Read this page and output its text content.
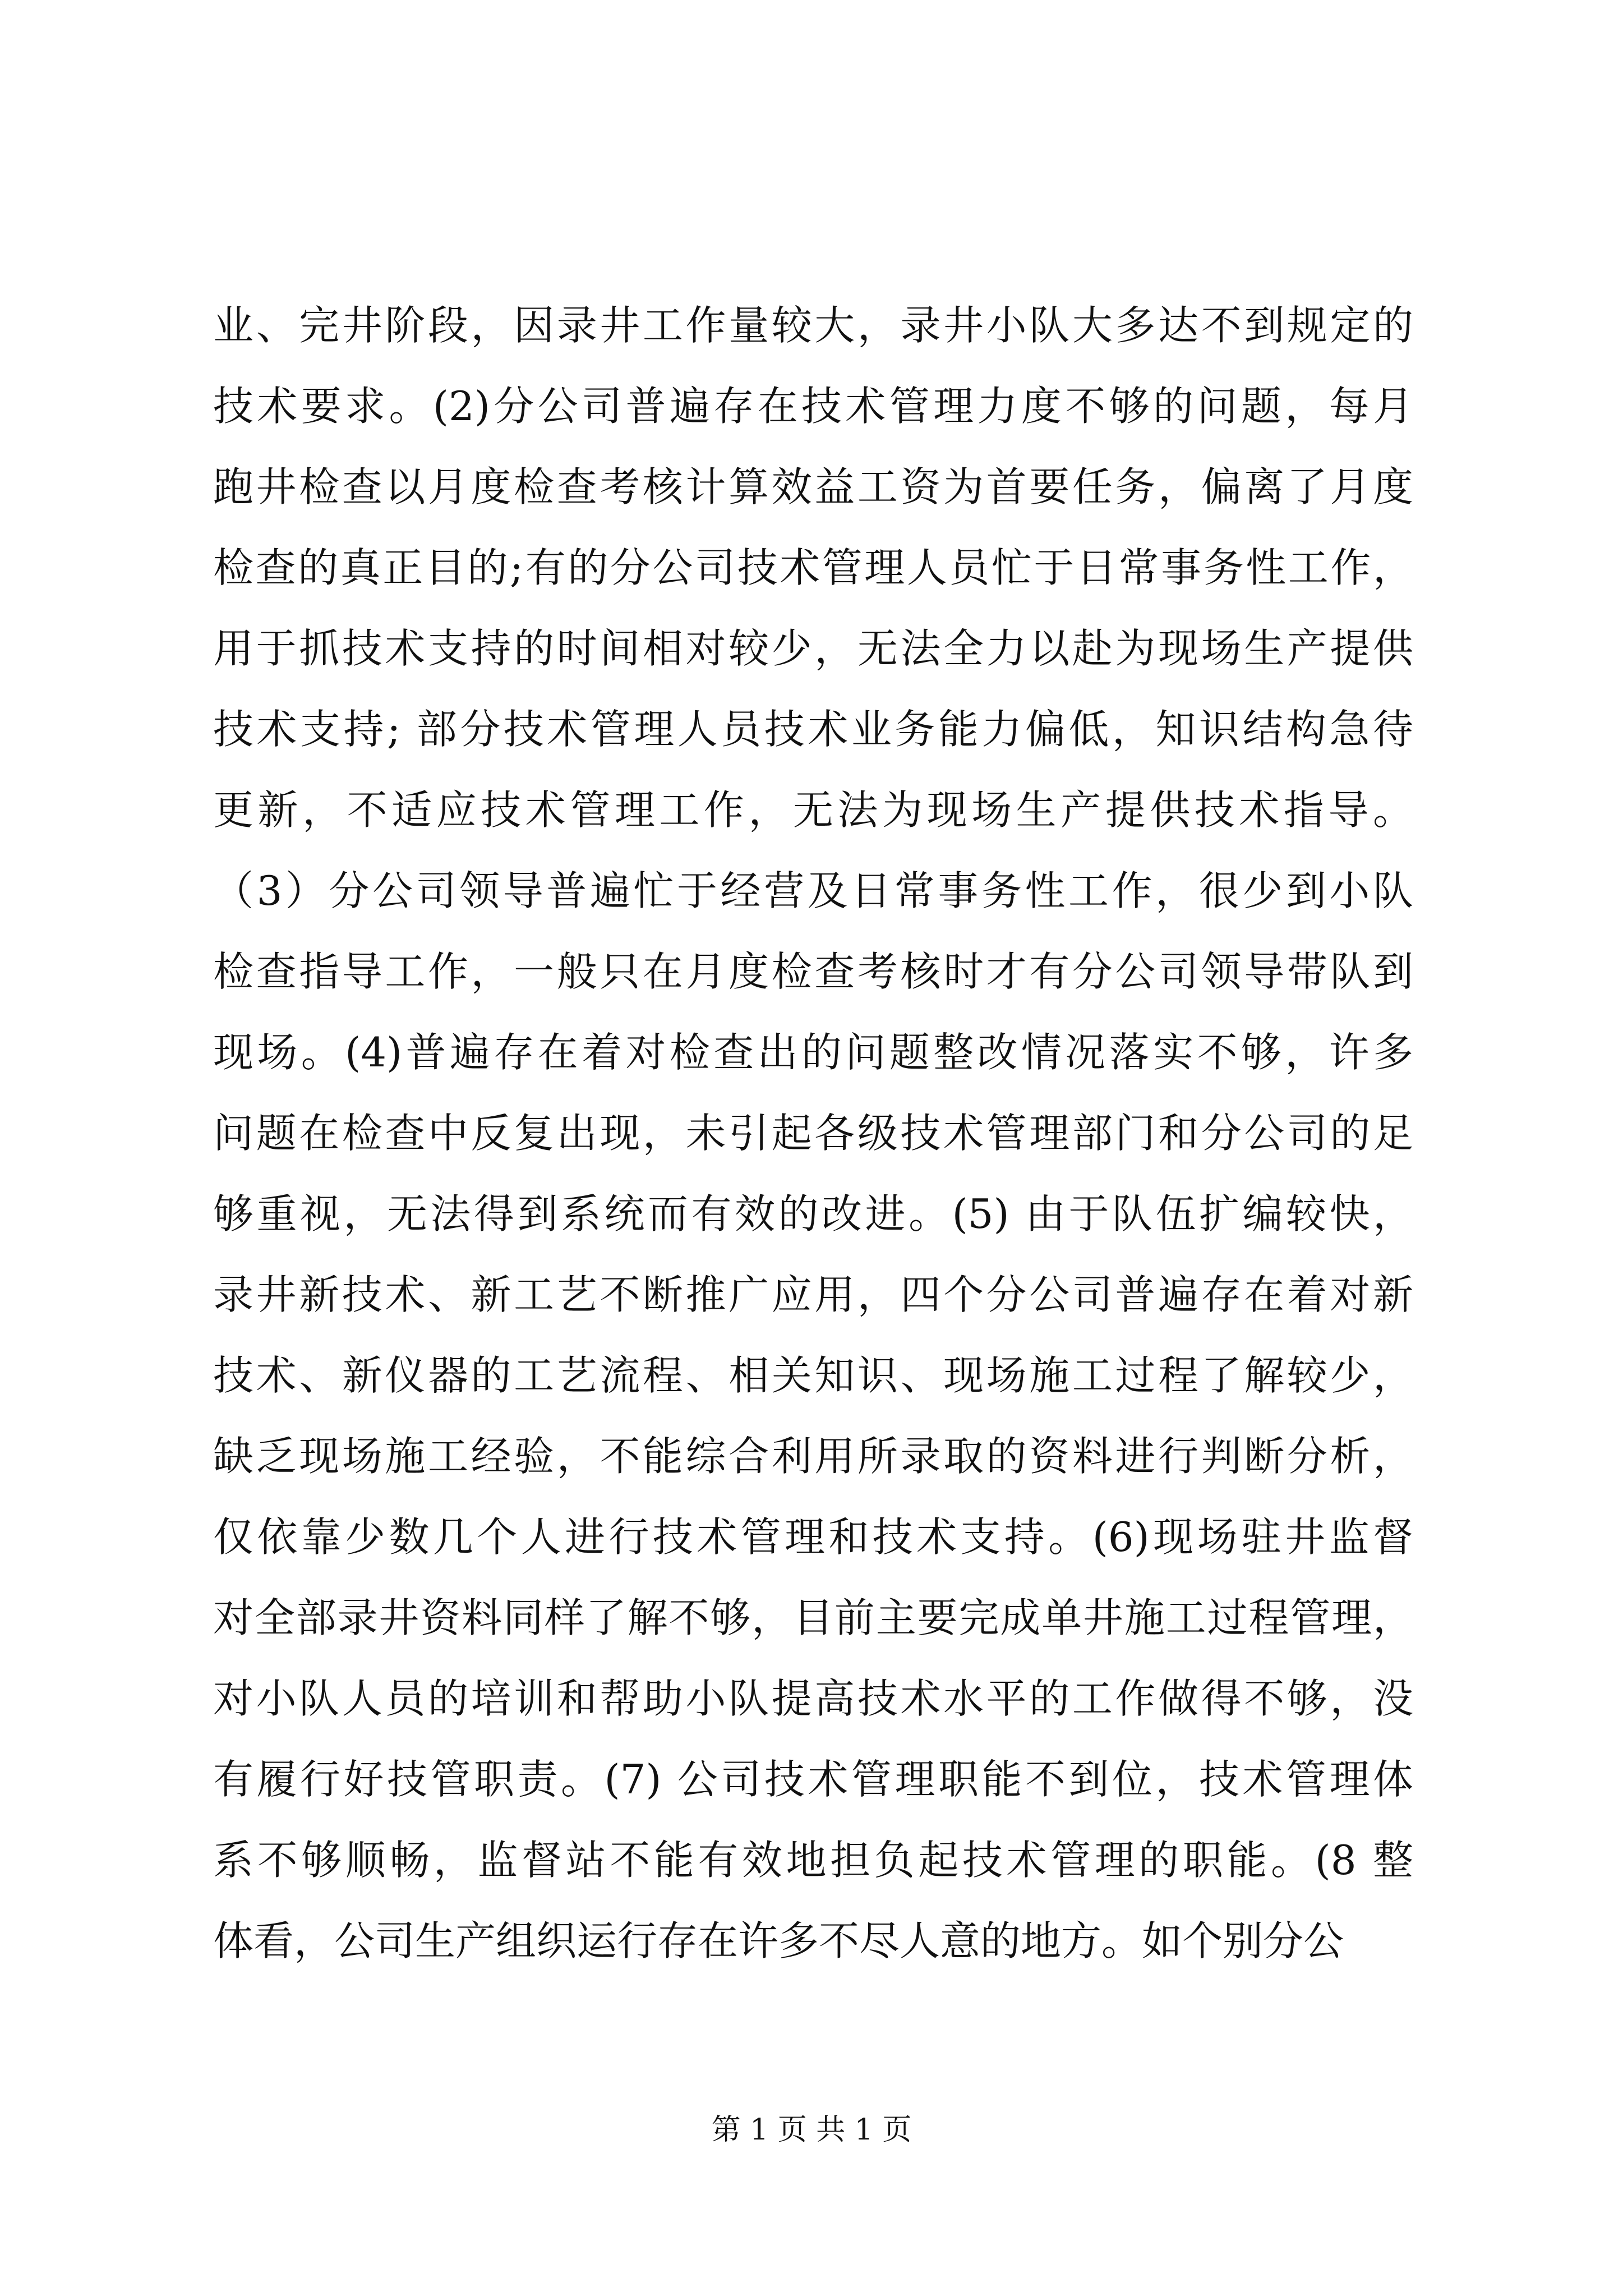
业、完井阶段，因录井工作量较大，录井小队大多达不到规定的
技术要求。(2)分公司普遍存在技术管理力度不够的问题，每月
跑井检查以月度检查考核计算效益工资为首要任务，偏离了月度
检查的真正目的;有的分公司技术管理人员忙于日常事务性工作，
用于抓技术支持的时间相对较少，无法全力以赴为现场生产提供
技术支持; 部分技术管理人员技术业务能力偏低，知识结构急待
更新，不适应技术管理工作，无法为现场生产提供技术指导。
（3）分公司领导普遍忙于经营及日常事务性工作，很少到小队
检查指导工作，一般只在月度检查考核时才有分公司领导带队到
现场。(4)普遍存在着对检查出的问题整改情况落实不够，许多
问题在检查中反复出现，未引起各级技术管理部门和分公司的足
够重视，无法得到系统而有效的改进。(5) 由于队伍扩编较快，
录井新技术、新工艺不断推广应用，四个分公司普遍存在着对新
技术、新仪器的工艺流程、相关知识、现场施工过程了解较少，
缺乏现场施工经验，不能综合利用所录取的资料进行判断分析，
仅依靠少数几个人进行技术管理和技术支持。(6)现场驻井监督
对全部录井资料同样了解不够，目前主要完成单井施工过程管理，
对小队人员的培训和帮助小队提高技术水平的工作做得不够，没
有履行好技管职责。(7) 公司技术管理职能不到位，技术管理体
系不够顺畅，监督站不能有效地担负起技术管理的职能。(8 整
体看，公司生产组织运行存在许多不尽人意的地方。如个别分公
第 1 页 共 1 页
